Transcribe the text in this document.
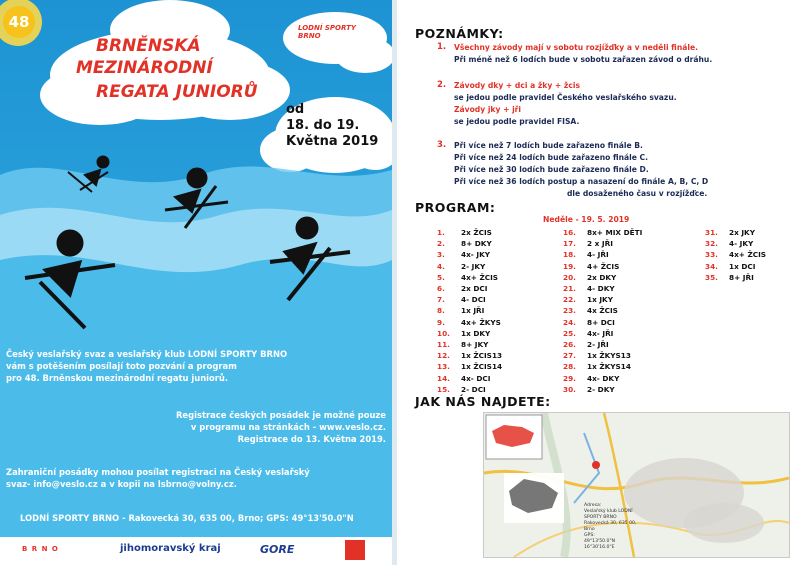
48
BRNĚNSKÁ
MEZINÁRODNÍ
REGATA JUNIORŮ
LODNÍ SPORTY BRNO
od
18. do 19.
Května 2019
Český veslařský svaz a veslařský klub LODNÍ SPORTY BRNO
vám s potěšením posílají toto pozvání a program
pro 48. Brněnskou mezinárodní regatu juniorů.
Registrace českých posádek je možné pouze
v programu na stránkách - www.veslo.cz.
Registrace do 13. Května 2019.
Zahraniční posádky mohou posílat registraci na Český veslařský
svaz- info@veslo.cz a v kopii na lsbrno@volny.cz.
LODNÍ SPORTY BRNO - Rakovecká 30, 635 00, Brno; GPS: 49°13'50.0"N
B R N O	jihomoravský kraj	GORE
POZNÁMKY:
1. Všechny závody mají v sobotu rozjížďky a v neděli finále.
Při méně než 6 lodích bude v sobotu zařazen závod o dráhu.
2. Závody dky + dci a žky + žcis
se jedou podle pravidel Českého veslařského svazu.
Závody jky + jři
se jedou podle pravidel FISA.
3. Při více než 7 lodích bude zařazeno finále B.
Při více než 24 lodích bude zařazeno finále C.
Při více než 30 lodích bude zařazeno finále D.
Při více než 36 lodích postup a nasazení do finále A, B, C, D
dle dosaženého času v rozjížďce.
PROGRAM:
Neděle - 19. 5. 2019
1.	2x ŽCIS
2.	8+ DKY
3.	4x- JKY
4.	2- JKY
5.	4x+ ŽCIS
6.	2x DCI
7.	4- DCI
8.	1x JŘI
9.	4x+ ŽKYS
10.	1x DKY
11.	8+ JKY
12.	1x ŽCIS13
13.	1x ŽCIS14
14.	4x- DCI
15.	2- DCI
16.	8x+ MIX DĚTI
17.	2 x JŘI
18.	4- JŘI
19.	4+ ŽCIS
20.	2x DKY
21.	4- DKY
22.	1x JKY
23.	4x ŽCIS
24.	8+ DCI
25.	4x- JŘI
26.	2- JŘI
27.	1x ŽKYS13
28.	1x ŽKYS14
29.	4x- DKY
30.	2- DKY
31.	2x JKY
32.	4- JKY
33.	4x+ ŽCIS
34.	1x DCI
35.	8+ JŘI
JAK NÁS NAJDETE:
Adresa:
Veslařský klub LODNÍ SPORTY BRNO
Rakovecká 30, 635 00, Brno
GPS:
49°13'50.0"N 16°30'16.0"E
